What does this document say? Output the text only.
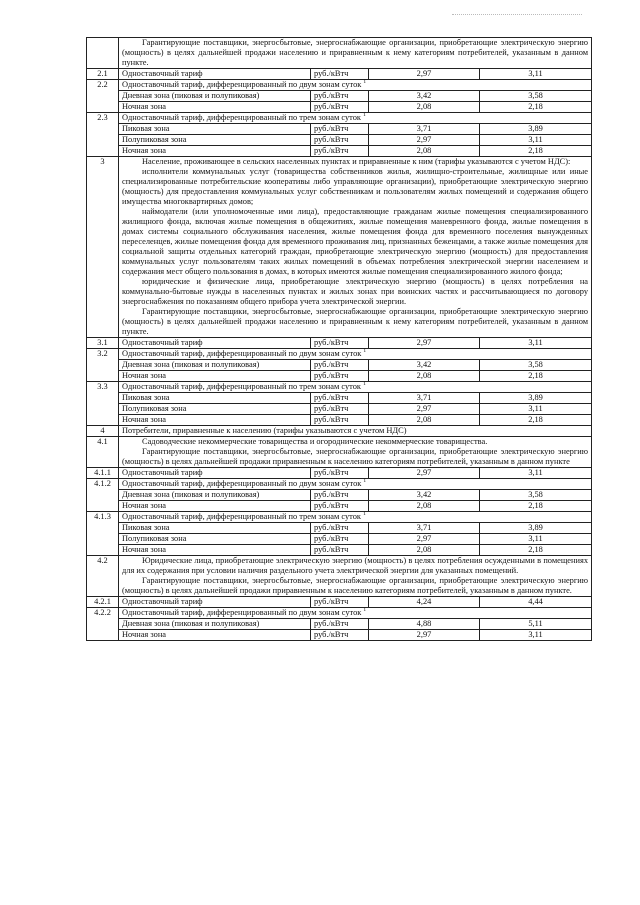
	Гарантирующие поставщики, энергосбытовые, энергоснабжающие организации, приобретающие электрическую энергию (мощность) в целях дальнейшей продажи населению и приравненным к нему категориям потребителей, указанным в данном пункте.			

2.1	Одноставочный тариф	руб./кВтч	2,97	3,11
2.2	Одноставочный тариф, дифференцированный по двум зонам суток $^1$
	Дневная зона (пиковая и полупиковая)	руб./кВтч	3,42	3,58
	Ночная зона	руб./кВтч	2,08	2,18
2.3	Одноставочный тариф, дифференцированный по трем зонам суток $^1$
	Пиковая зона	руб./кВтч	3,71	3,89
	Полупиковая зона	руб./кВтч	2,97	3,11
	Ночная зона	руб./кВтч	2,08	2,18
3	Население, проживающее в сельских населенных пунктах и приравненные к ним (тарифы указываются с учетом НДС):

исполнители коммунальных услуг (товарищества собственников жилья, жилищно-строительные, жилищные или иные специализированные потребительские кооперативы либо управляющие организации), приобретающие электрическую энергию (мощность) для предоставления коммунальных услуг собственникам и пользователям жилых помещений и содержания общего имущества многоквартирных домов;

наймодатели (или уполномоченные ими лица), предоставляющие гражданам жилые помещения специализированного жилищного фонда, включая жилые помещения в общежитиях, жилые помещения маневренного фонда, жилые помещения в домах системы социального обслуживания населения, жилые помещения фонда для временного поселения вынужденных переселенцев, жилые помещения фонда для временного проживания лиц, признанных беженцами, а также жилые помещения для социальной защиты отдельных категорий граждан, приобретающие электрическую энергию (мощность) для предоставления коммунальных услуг пользователям таких жилых помещений в объемах потребления электрической энергии населением и содержания мест общего пользования в домах, в которых имеются жилые помещения специализированного жилого фонда;

юридические и физические лица, приобретающие электрическую энергию (мощность) в целях потребления на коммунально-бытовые нужды в населенных пунктах и жилых зонах при воинских частях и рассчитывающиеся по договору энергоснабжения по показаниям общего прибора учета электрической энергии.

Гарантирующие поставщики, энергосбытовые, энергоснабжающие организации, приобретающие электрическую энергию (мощность) в целях дальнейшей продажи населению и приравненным к нему категориям потребителей, указанным в данном пункте.			

3.1	Одноставочный тариф	руб./кВтч	2,97	3,11
3.2	Одноставочный тариф, дифференцированный по двум зонам суток $^1$
	Дневная зона (пиковая и полупиковая)	руб./кВтч	3,42	3,58
	Ночная зона	руб./кВтч	2,08	2,18
3.3	Одноставочный тариф, дифференцированный по трем зонам суток $^1$
	Пиковая зона	руб./кВтч	3,71	3,89
	Полупиковая зона	руб./кВтч	2,97	3,11
	Ночная зона	руб./кВтч	2,08	2,18
4	Потребители, приравненные к населению (тарифы указываются с учетом НДС)			
4.1	Садоводческие некоммерческие товарищества и огороднические некоммерческие товарищества.

Гарантирующие поставщики, энергосбытовые, энергоснабжающие организации, приобретающие электрическую энергию (мощность) в целях дальнейшей продажи приравненным к населению категориям потребителей, указанным в данном пункте			

4.1.1	Одноставочный тариф	руб./кВтч	2,97	3,11
4.1.2	Одноставочный тариф, дифференцированный по двум зонам суток $^1$
	Дневная зона (пиковая и полупиковая)	руб./кВтч	3,42	3,58
	Ночная зона	руб./кВтч	2,08	2,18
4.1.3	Одноставочный тариф, дифференцированный по трем зонам суток $^1$
	Пиковая зона	руб./кВтч	3,71	3,89
	Полупиковая зона	руб./кВтч	2,97	3,11
	Ночная зона	руб./кВтч	2,08	2,18
4.2	Юридические лица, приобретающие электрическую энергию (мощность) в целях потребления осужденными в помещениях для их содержания при условии наличия раздельного учета электрической энергии для указанных помещений.

Гарантирующие поставщики, энергосбытовые, энергоснабжающие организации, приобретающие электрическую энергию (мощность) в целях дальнейшей продажи приравненным к населению категориям потребителей, указанным в данном пункте.			

4.2.1	Одноставочный тариф	руб./кВтч	4,24	4,44
4.2.2	Одноставочный тариф, дифференцированный по двум зонам суток $^1$
	Дневная зона (пиковая и полупиковая)	руб./кВтч	4,88	5,11
	Ночная зона	руб./кВтч	2,97	3,11
